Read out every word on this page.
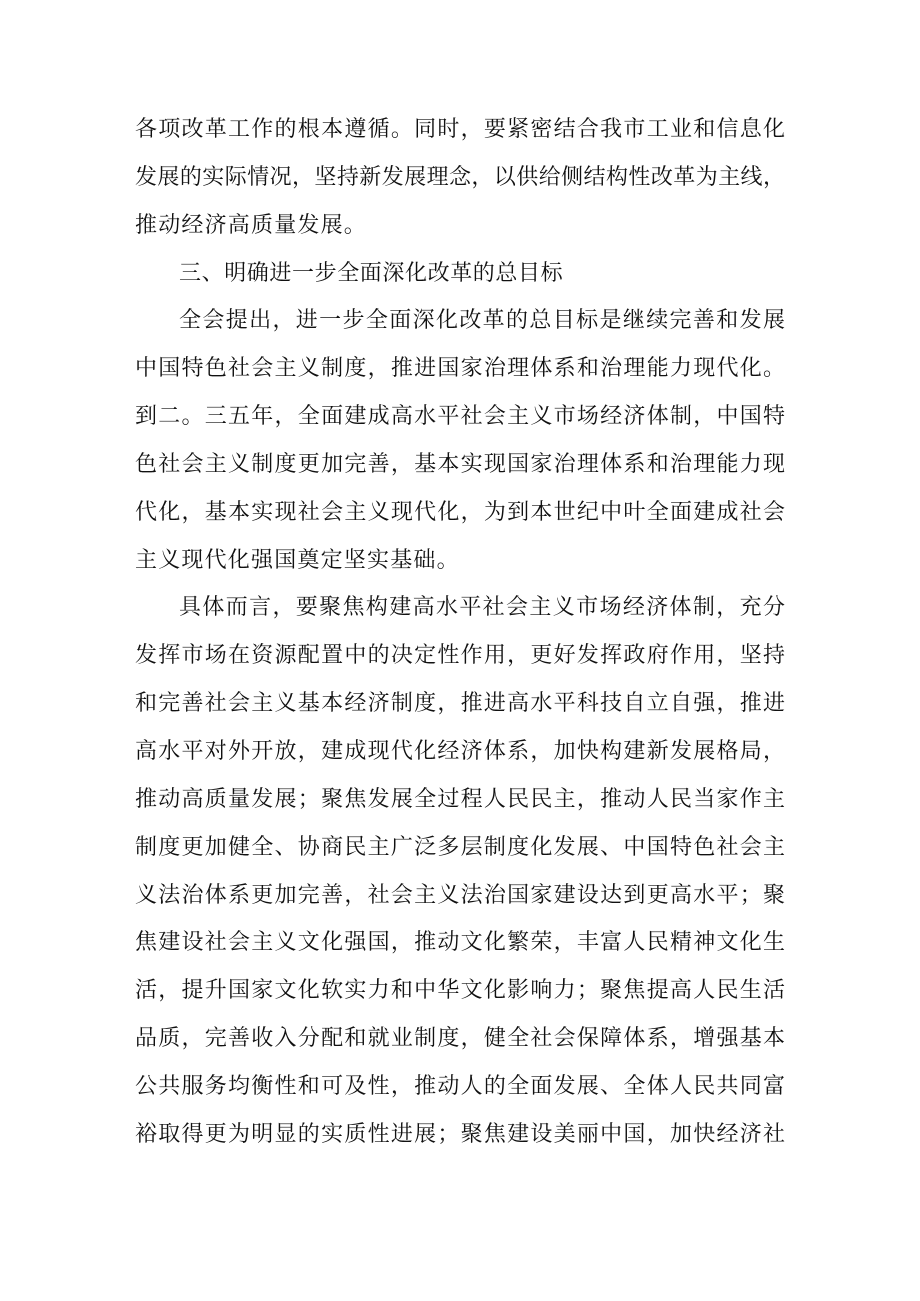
各项改革工作的根本遵循。同时，要紧密结合我市工业和信息化
发展的实际情况，坚持新发展理念，以供给侧结构性改革为主线，
推动经济高质量发展。
三、明确进一步全面深化改革的总目标
全会提出，进一步全面深化改革的总目标是继续完善和发展
中国特色社会主义制度，推进国家治理体系和治理能力现代化。
到二。三五年，全面建成高水平社会主义市场经济体制，中国特
色社会主义制度更加完善，基本实现国家治理体系和治理能力现
代化，基本实现社会主义现代化，为到本世纪中叶全面建成社会
主义现代化强国奠定坚实基础。
具体而言，要聚焦构建高水平社会主义市场经济体制，充分
发挥市场在资源配置中的决定性作用，更好发挥政府作用，坚持
和完善社会主义基本经济制度，推进高水平科技自立自强，推进
高水平对外开放，建成现代化经济体系，加快构建新发展格局，
推动高质量发展；聚焦发展全过程人民民主，推动人民当家作主
制度更加健全、协商民主广泛多层制度化发展、中国特色社会主
义法治体系更加完善，社会主义法治国家建设达到更高水平；聚
焦建设社会主义文化强国，推动文化繁荣，丰富人民精神文化生
活，提升国家文化软实力和中华文化影响力；聚焦提高人民生活
品质，完善收入分配和就业制度，健全社会保障体系，增强基本
公共服务均衡性和可及性，推动人的全面发展、全体人民共同富
裕取得更为明显的实质性进展；聚焦建设美丽中国，加快经济社
